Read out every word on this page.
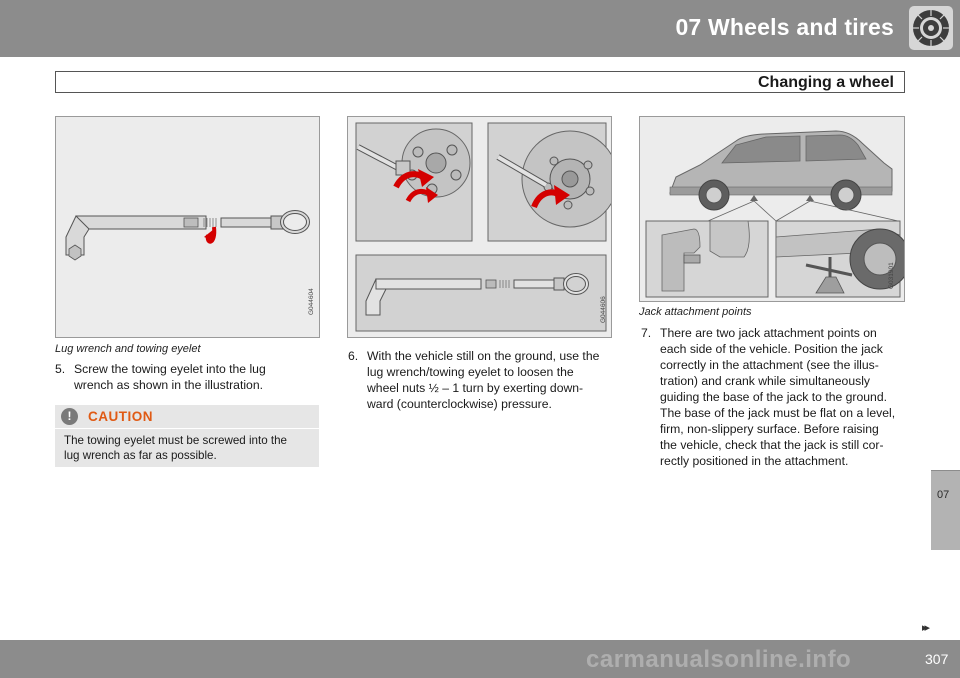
07 Wheels and tires
Changing a wheel
G044604
Lug wrench and towing eyelet
5. Screw the towing eyelet into the lug
wrench as shown in the illustration.
!	CAUTION
The towing eyelet must be screwed into the
lug wrench as far as possible.
G044606
6. With the vehicle still on the ground, use the
lug wrench/towing eyelet to loosen the
wheel nuts ½ – 1 turn by exerting down-
ward (counterclockwise) pressure.
G031901
Jack attachment points
7. There are two jack attachment points on
each side of the vehicle. Position the jack
correctly in the attachment (see the illus-
tration) and crank while simultaneously
guiding the base of the jack to the ground.
The base of the jack must be flat on a level,
firm, non-slippery surface. Before raising
the vehicle, check that the jack is still cor-
rectly positioned in the attachment.
07
▸▸
carmanualsonline.info	307
